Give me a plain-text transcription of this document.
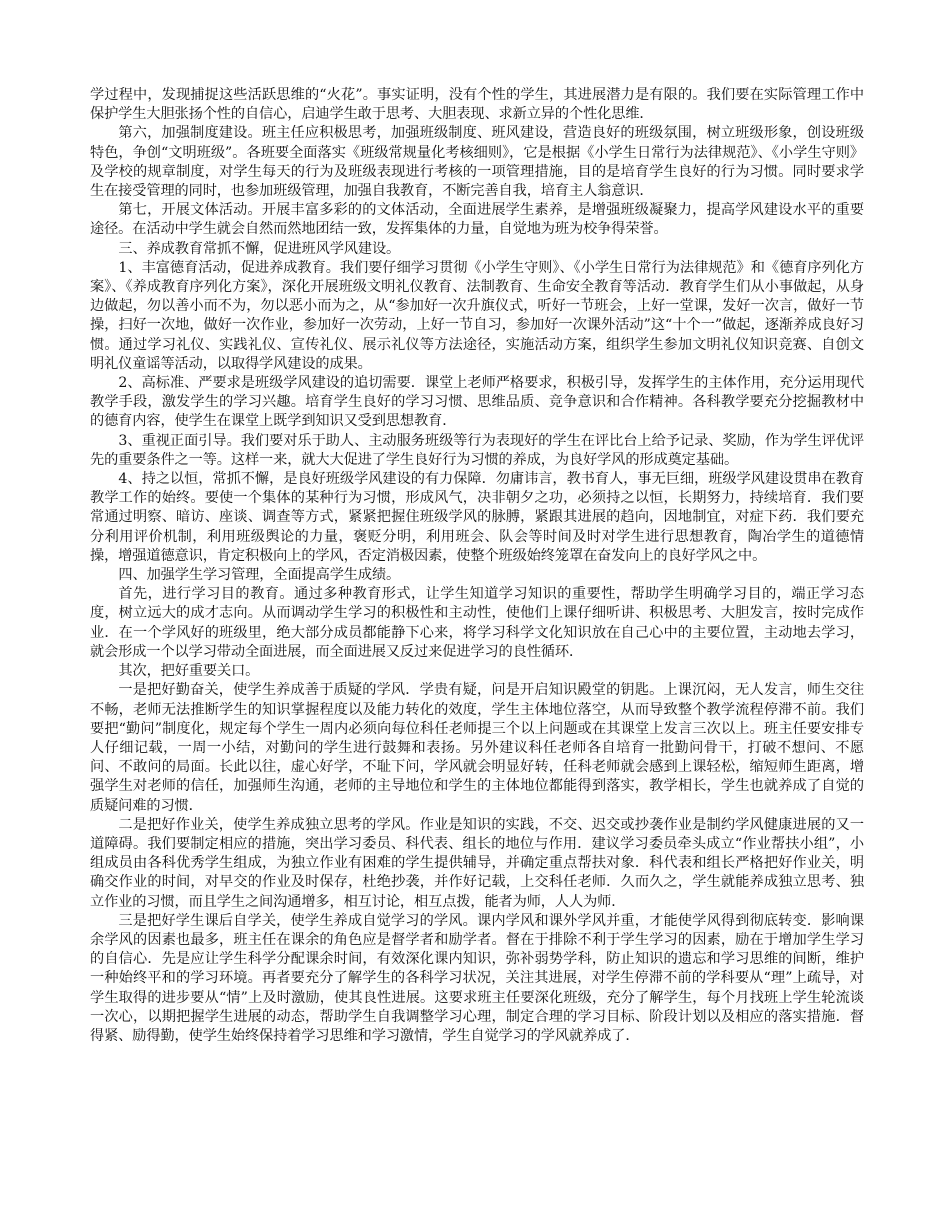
学过程中，发现捕捉这些活跃思维的“火花”。事实证明，没有个性的学生，其进展潜力是有限的。我们要在实际管理工作中保护学生大胆张扬个性的自信心，启迪学生敢于思考、大胆表现、求新立异的个性化思维．

第六，加强制度建设。班主任应积极思考，加强班级制度、班风建设，营造良好的班级氛围，树立班级形象，创设班级特色，争创“文明班级”。各班要全面落实《班级常规量化考核细则》，它是根据《小学生日常行为法律规范》、《小学生守则》及学校的规章制度，对学生每天的行为及班级表现进行考核的一项管理措施，目的是培育学生良好的行为习惯。同时要求学生在接受管理的同时，也参加班级管理，加强自我教育，不断完善自我，培育主人翁意识．

第七，开展文体活动。开展丰富多彩的的文体活动，全面进展学生素养，是增强班级凝聚力，提高学风建设水平的重要途径。在活动中学生就会自然而然地团结一致，发挥集体的力量，自觉地为班为校争得荣誉。

三、养成教育常抓不懈，促进班风学风建设。

1、丰富德育活动，促进养成教育。我们要仔细学习贯彻《小学生守则》、《小学生日常行为法律规范》和《德育序列化方案》、《养成教育序列化方案》，深化开展班级文明礼仪教育、法制教育、生命安全教育等活动．教育学生们从小事做起，从身边做起，勿以善小而不为，勿以恶小而为之，从“参加好一次升旗仪式，听好一节班会，上好一堂课，发好一次言，做好一节操，扫好一次地，做好一次作业，参加好一次劳动，上好一节自习，参加好一次课外活动”这“十个一”做起，逐渐养成良好习惯。通过学习礼仪、实践礼仪、宣传礼仪、展示礼仪等方法途径，实施活动方案，组织学生参加文明礼仪知识竞赛、自创文明礼仪童谣等活动，以取得学风建设的成果。

2、高标准、严要求是班级学风建设的追切需要．课堂上老师严格要求，积极引导，发挥学生的主体作用，充分运用现代教学手段，激发学生的学习兴趣。培育学生良好的学习习惯、思维品质、竞争意识和合作精神。各科教学要充分挖掘教材中的德育内容，使学生在课堂上既学到知识又受到思想教育．

3、重视正面引导。我们要对乐于助人、主动服务班级等行为表现好的学生在评比台上给予记录、奖励，作为学生评优评先的重要条件之一等。这样一来，就大大促进了学生良好行为习惯的养成，为良好学风的形成奠定基础。

4、持之以恒，常抓不懈，是良好班级学风建设的有力保障．勿庸讳言，教书育人，事无巨细，班级学风建设贯串在教育教学工作的始终。要使一个集体的某种行为习惯，形成风气，决非朝夕之功，必须持之以恒，长期努力，持续培育．我们要常通过明察、暗访、座谈、调查等方式，紧紧把握住班级学风的脉膊，紧跟其进展的趋向，因地制宜，对症下药．我们要充分利用评价机制，利用班级舆论的力量，褒贬分明，利用班会、队会等时间及时对学生进行思想教育，陶冶学生的道德情操，增强道德意识，肯定积极向上的学风，否定消极因素，使整个班级始终笼罩在奋发向上的良好学风之中。

四、加强学生学习管理，全面提高学生成绩。

首先，进行学习目的教育。通过多种教育形式，让学生知道学习知识的重要性，帮助学生明确学习目的，端正学习态度，树立远大的成才志向。从而调动学生学习的积极性和主动性，使他们上课仔细听讲、积极思考、大胆发言，按时完成作业．在一个学风好的班级里，绝大部分成员都能静下心来，将学习科学文化知识放在自己心中的主要位置，主动地去学习，就会形成一个以学习带动全面进展，而全面进展又反过来促进学习的良性循环．

其次，把好重要关口。

一是把好勤奋关，使学生养成善于质疑的学风．学贵有疑，问是开启知识殿堂的钥匙。上课沉闷，无人发言，师生交往不畅，老师无法推断学生的知识掌握程度以及能力转化的效度，学生主体地位落空，从而导致整个教学流程停滞不前。我们要把“勤问”制度化，规定每个学生一周内必须向每位科任老师提三个以上问题或在其课堂上发言三次以上。班主任要安排专人仔细记载，一周一小结，对勤问的学生进行鼓舞和表扬。另外建议科任老师各自培育一批勤问骨干，打破不想问、不愿问、不敢问的局面。长此以往，虚心好学，不耻下问，学风就会明显好转，任科老师就会感到上课轻松，缩短师生距离，增强学生对老师的信任，加强师生沟通，老师的主导地位和学生的主体地位都能得到落实，教学相长，学生也就养成了自觉的质疑问难的习惯．

二是把好作业关，使学生养成独立思考的学风。作业是知识的实践，不交、迟交或抄袭作业是制约学风健康进展的又一道障碍。我们要制定相应的措施，突出学习委员、科代表、组长的地位与作用．建议学习委员牵头成立“作业帮扶小组”，小组成员由各科优秀学生组成，为独立作业有困难的学生提供辅导，并确定重点帮扶对象．科代表和组长严格把好作业关，明确交作业的时间，对早交的作业及时保存，杜绝抄袭，并作好记载，上交科任老师．久而久之，学生就能养成独立思考、独立作业的习惯，而且学生之间沟通增多，相互讨论，相互点拨，能者为师，人人为师．

三是把好学生课后自学关，使学生养成自觉学习的学风。课内学风和课外学风并重，才能使学风得到彻底转变．影响课余学风的因素也最多，班主任在课余的角色应是督学者和励学者。督在于排除不利于学生学习的因素，励在于增加学生学习的自信心．先是应让学生科学分配课余时间，有效深化课内知识，弥补弱势学科，防止知识的遗忘和学习思维的间断，维护一种始终平和的学习环境。再者要充分了解学生的各科学习状况，关注其进展，对学生停滞不前的学科要从“理”上疏导，对学生取得的进步要从“情”上及时激励，使其良性进展。这要求班主任要深化班级，充分了解学生，每个月找班上学生轮流谈一次心，以期把握学生进展的动态，帮助学生自我调整学习心理，制定合理的学习目标、阶段计划以及相应的落实措施．督得紧、励得勤，使学生始终保持着学习思维和学习激情，学生自觉学习的学风就养成了．
